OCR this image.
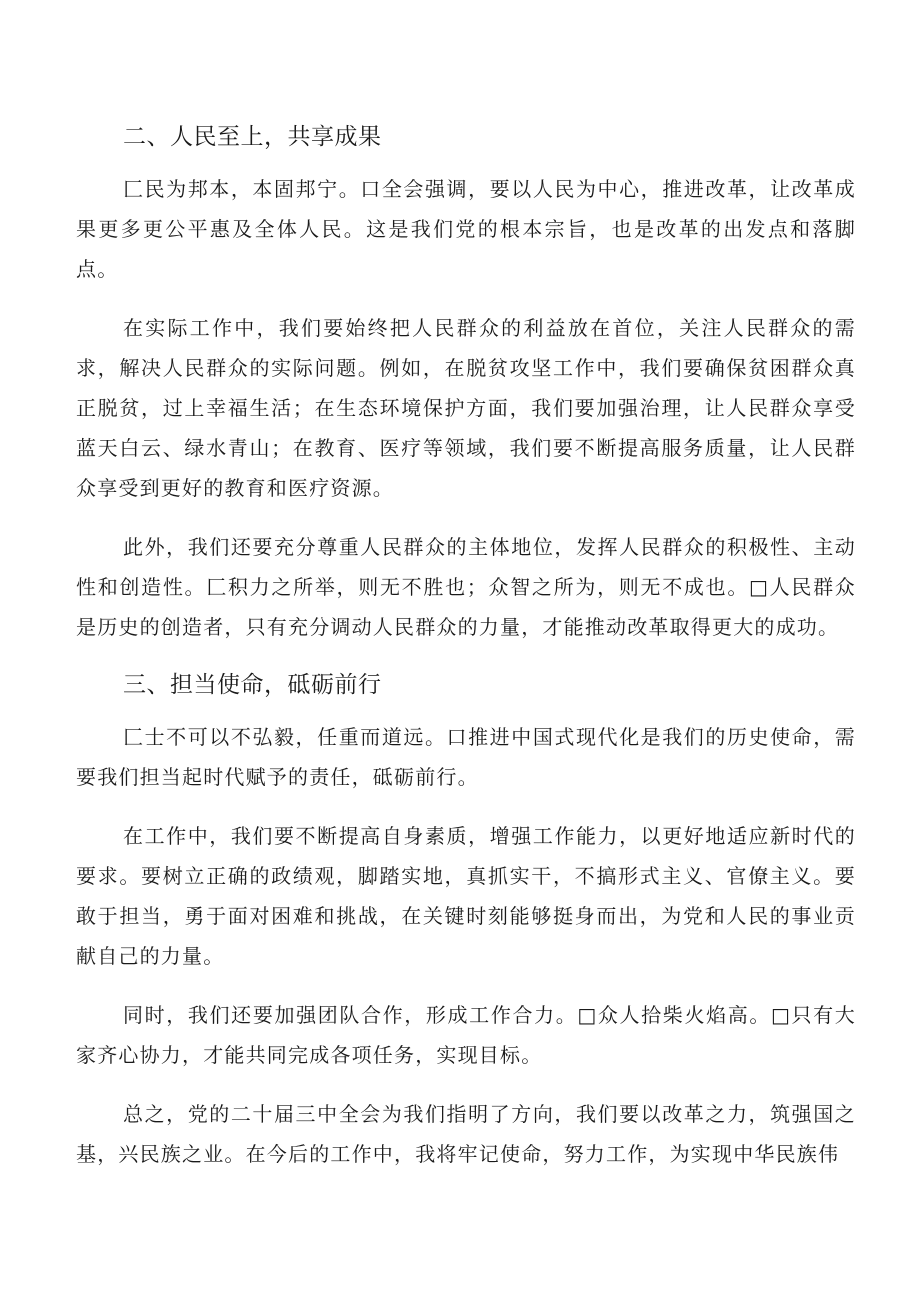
二、人民至上，共享成果

匚民为邦本，本固邦宁。口全会强调，要以人民为中心，推进改革，让改革成果更多更公平惠及全体人民。这是我们党的根本宗旨，也是改革的出发点和落脚点。

在实际工作中，我们要始终把人民群众的利益放在首位，关注人民群众的需求，解决人民群众的实际问题。例如，在脱贫攻坚工作中，我们要确保贫困群众真正脱贫，过上幸福生活；在生态环境保护方面，我们要加强治理，让人民群众享受蓝天白云、绿水青山；在教育、医疗等领域，我们要不断提高服务质量，让人民群众享受到更好的教育和医疗资源。

此外，我们还要充分尊重人民群众的主体地位，发挥人民群众的积极性、主动性和创造性。匚积力之所举，则无不胜也；众智之所为，则无不成也。□人民群众是历史的创造者，只有充分调动人民群众的力量，才能推动改革取得更大的成功。

三、担当使命，砥砺前行

匚士不可以不弘毅，任重而道远。口推进中国式现代化是我们的历史使命，需要我们担当起时代赋予的责任，砥砺前行。

在工作中，我们要不断提高自身素质，增强工作能力，以更好地适应新时代的要求。要树立正确的政绩观，脚踏实地，真抓实干，不搞形式主义、官僚主义。要敢于担当，勇于面对困难和挑战，在关键时刻能够挺身而出，为党和人民的事业贡献自己的力量。

同时，我们还要加强团队合作，形成工作合力。□众人拾柴火焰高。□只有大家齐心协力，才能共同完成各项任务，实现目标。

总之，党的二十届三中全会为我们指明了方向，我们要以改革之力，筑强国之基，兴民族之业。在今后的工作中，我将牢记使命，努力工作，为实现中华民族伟
